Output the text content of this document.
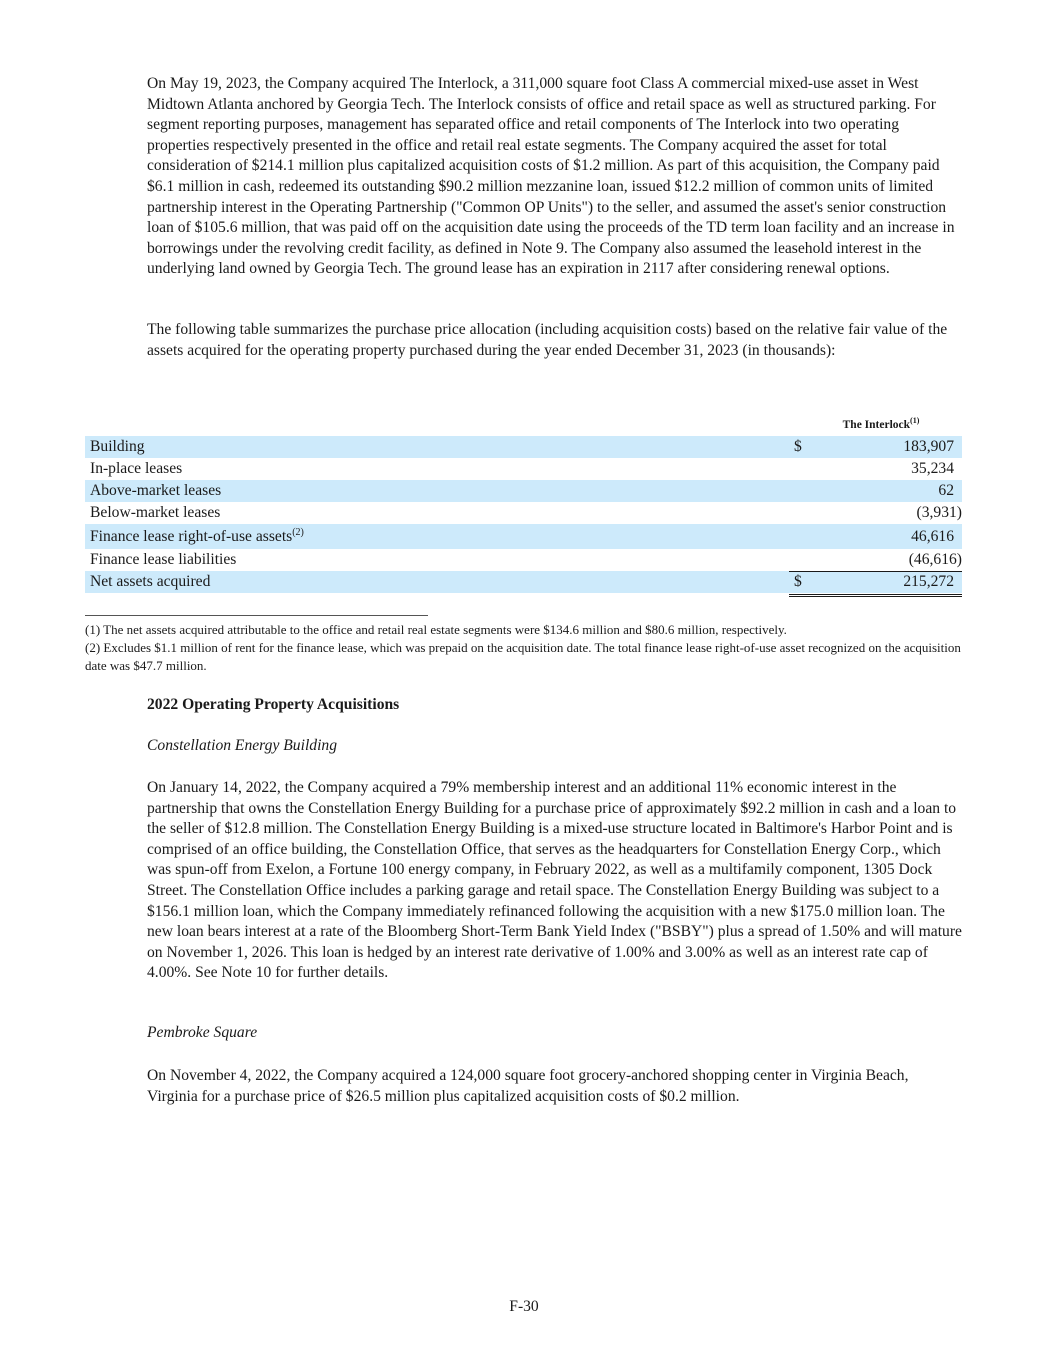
On May 19, 2023, the Company acquired The Interlock, a 311,000 square foot Class A commercial mixed-use asset in West Midtown Atlanta anchored by Georgia Tech. The Interlock consists of office and retail space as well as structured parking. For segment reporting purposes, management has separated office and retail components of The Interlock into two operating properties respectively presented in the office and retail real estate segments. The Company acquired the asset for total consideration of $214.1 million plus capitalized acquisition costs of $1.2 million. As part of this acquisition, the Company paid $6.1 million in cash, redeemed its outstanding $90.2 million mezzanine loan, issued $12.2 million of common units of limited partnership interest in the Operating Partnership ("Common OP Units") to the seller, and assumed the asset's senior construction loan of $105.6 million, that was paid off on the acquisition date using the proceeds of the TD term loan facility and an increase in borrowings under the revolving credit facility, as defined in Note 9. The Company also assumed the leasehold interest in the underlying land owned by Georgia Tech. The ground lease has an expiration in 2117 after considering renewal options.

The following table summarizes the purchase price allocation (including acquisition costs) based on the relative fair value of the assets acquired for the operating property purchased during the year ended December 31, 2023 (in thousands):

The Interlock$^{(1)}$
Building	$	183,907
In-place leases	35,234
Above-market leases	62
Below-market leases	(3,931)
Finance lease right-of-use assets$^{(2)}$	46,616
Finance lease liabilities	(46,616)
Net assets acquired	$	215,272

(1) The net assets acquired attributable to the office and retail real estate segments were $134.6 million and $80.6 million, respectively.

(2) Excludes $1.1 million of rent for the finance lease, which was prepaid on the acquisition date. The total finance lease right-of-use asset recognized on the acquisition date was $47.7 million.

2022 Operating Property Acquisitions

Constellation Energy Building

On January 14, 2022, the Company acquired a 79% membership interest and an additional 11% economic interest in the partnership that owns the Constellation Energy Building for a purchase price of approximately $92.2 million in cash and a loan to the seller of $12.8 million. The Constellation Energy Building is a mixed-use structure located in Baltimore's Harbor Point and is comprised of an office building, the Constellation Office, that serves as the headquarters for Constellation Energy Corp., which was spun-off from Exelon, a Fortune 100 energy company, in February 2022, as well as a multifamily component, 1305 Dock Street. The Constellation Office includes a parking garage and retail space. The Constellation Energy Building was subject to a $156.1 million loan, which the Company immediately refinanced following the acquisition with a new $175.0 million loan. The new loan bears interest at a rate of the Bloomberg Short-Term Bank Yield Index ("BSBY") plus a spread of 1.50% and will mature on November 1, 2026. This loan is hedged by an interest rate derivative of 1.00% and 3.00% as well as an interest rate cap of 4.00%. See Note 10 for further details.

Pembroke Square

On November 4, 2022, the Company acquired a 124,000 square foot grocery-anchored shopping center in Virginia Beach, Virginia for a purchase price of $26.5 million plus capitalized acquisition costs of $0.2 million.

F-30
